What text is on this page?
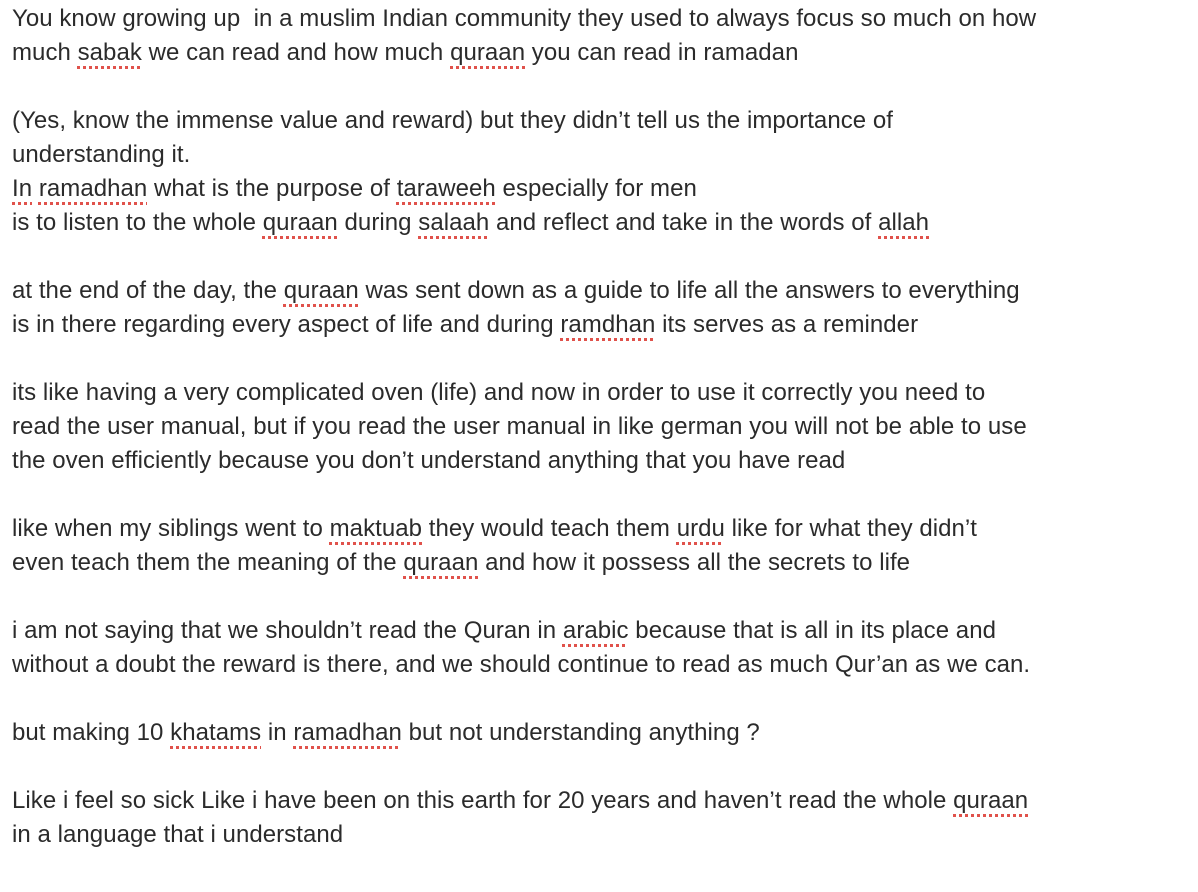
You know growing up  in a muslim Indian community they used to always focus so much on how
much sabak we can read and how much quraan you can read in ramadan

(Yes, know the immense value and reward) but they didn’t tell us the importance of
understanding it.
In ramadhan what is the purpose of taraweeh especially for men
is to listen to the whole quraan during salaah and reflect and take in the words of allah

at the end of the day, the quraan was sent down as a guide to life all the answers to everything
is in there regarding every aspect of life and during ramdhan its serves as a reminder

its like having a very complicated oven (life) and now in order to use it correctly you need to
read the user manual, but if you read the user manual in like german you will not be able to use
the oven efficiently because you don’t understand anything that you have read

like when my siblings went to maktuab they would teach them urdu like for what they didn’t
even teach them the meaning of the quraan and how it possess all the secrets to life

i am not saying that we shouldn’t read the Quran in arabic because that is all in its place and
without a doubt the reward is there, and we should continue to read as much Qur’an as we can.

but making 10 khatams in ramadhan but not understanding anything ?

Like i feel so sick Like i have been on this earth for 20 years and haven’t read the whole quraan
in a language that i understand
